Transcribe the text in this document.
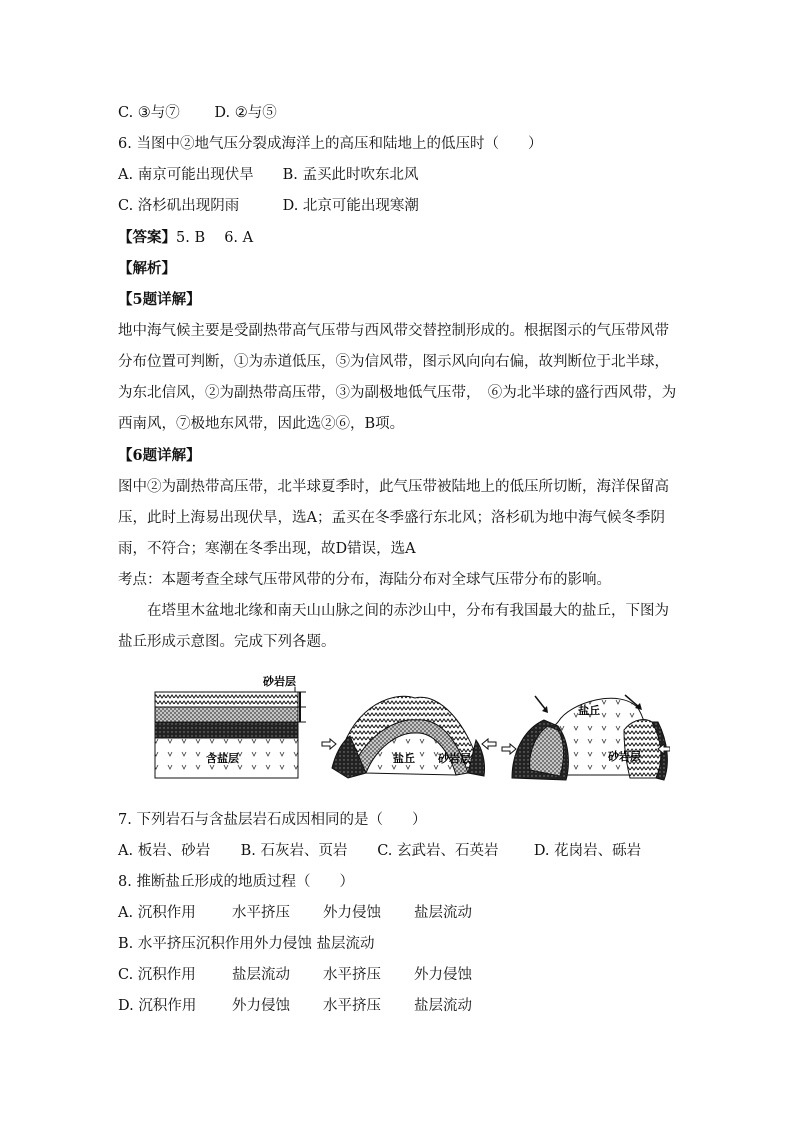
C. ③与⑦ D. ②与⑤
6. 当图中②地气压分裂成海洋上的高压和陆地上的低压时（　　）
A. 南京可能出现伏旱 B. 孟买此时吹东北风
C. 洛杉矶出现阴雨	D. 北京可能出现寒潮
【答案】5. B　 6. A
【解析】
【5题详解】
地中海气候主要是受副热带高气压带与西风带交替控制形成的。根据图示的气压带风带分布位置可判断，①为赤道低压，⑤为信风带，图示风向向右偏，故判断位于北半球，为东北信风，②为副热带高压带，③为副极地低气压带，　⑥为北半球的盛行西风带，为西南风，⑦极地东风带，因此选②⑥，B项。
【6题详解】
图中②为副热带高压带，北半球夏季时，此气压带被陆地上的低压所切断，海洋保留高压，此时上海易出现伏旱，选A；孟买在冬季盛行东北风；洛杉矶为地中海气候冬季阴雨，不符合；寒潮在冬季出现，故D错误，选A
考点：本题考查全球气压带风带的分布，海陆分布对全球气压带分布的影响。
在塔里木盆地北缘和南天山山脉之间的赤沙山中，分布有我国最大的盐丘，下图为盐丘形成示意图。完成下列各题。
砂岩层
含盐层	盐丘 砂岩层
盐丘
砂岩层
7. 下列岩石与含盐层岩石成因相同的是（　　）
A. 板岩、砂岩 B. 石灰岩、页岩 C. 玄武岩、石英岩 D. 花岗岩、砾岩
8. 推断盐丘形成的地质过程（　　）
A. 沉积作用	水平挤压 外力侵蚀 盐层流动
B. 水平挤压沉积作用外力侵蚀 盐层流动
C. 沉积作用 盐层流动 水平挤压 外力侵蚀
D. 沉积作用 外力侵蚀 水平挤压 盐层流动
